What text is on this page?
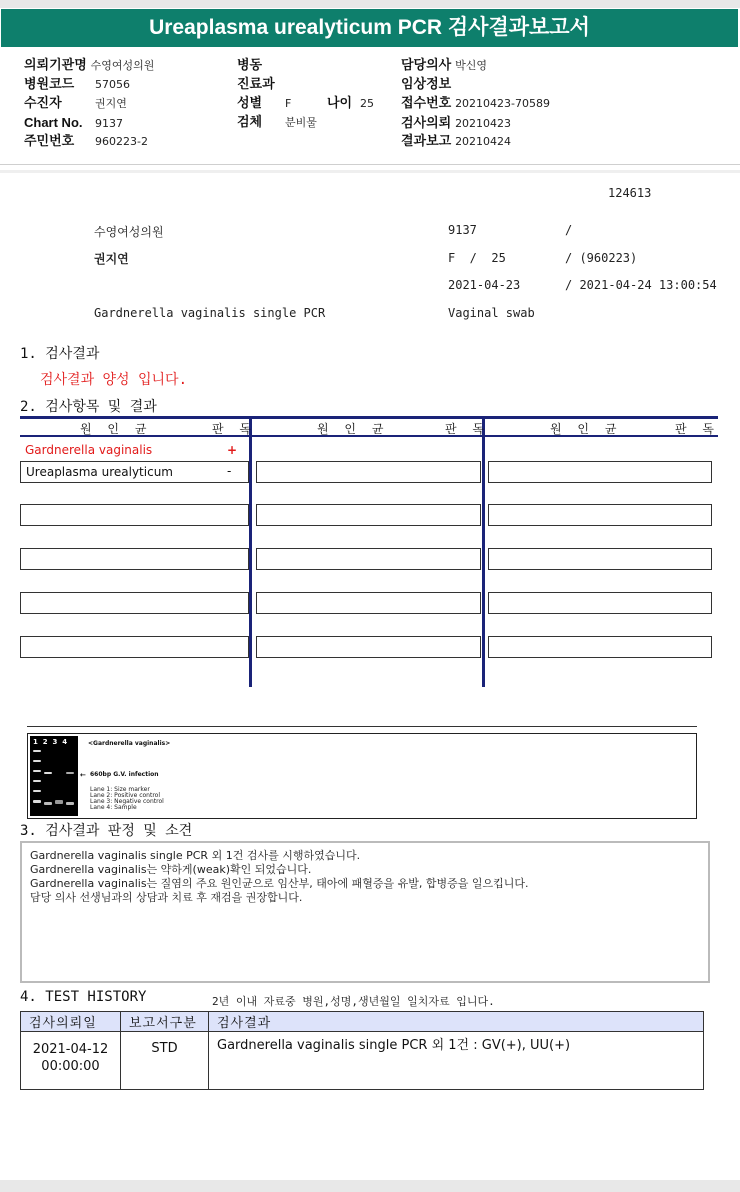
Ureaplasma urealyticum PCR 검사결과보고서
의뢰기관명 수영여성의원
병원코드 57056
수진자	권지연
Chart No. 9137
주민번호 960223-2
병동
진료과
성별 F	나이 25
검체 분비물
담당의사 박신영
임상정보
접수번호 20210423-70589
검사의뢰 20210423
결과보고 20210424
124613
수영여성의원	9137	/
권지연	F  /  25	/ (960223)
2021-04-23	/ 2021-04-24 13:00:54
Gardnerella vaginalis single PCR	Vaginal swab
1. 검사결과
검사결과 양성 입니다.
2. 검사항목 및 결과
원 인 균	판 독	원 인 균	판 독	원 인 균	판 독
Gardnerella vaginalis	+
Ureaplasma urealyticum	-
1  2  3  4	<Gardnerella vaginalis>
← 660bp G.V. infection
Lane 1: Size marker
Lane 2: Positive control
Lane 3: Negative control
Lane 4: Sample
3. 검사결과 판정 및 소견
Gardnerella vaginalis single PCR 외 1건 검사를 시행하였습니다.
Gardnerella vaginalis는 약하게(weak)확인 되었습니다.
Gardnerella vaginalis는 질염의 주요 원인균으로 임산부, 태아에 패혈증을 유발, 합병증을 일으킵니다.
담당 의사 선생님과의 상담과 치료 후 재검을 권장합니다.
4. TEST HISTORY	2년 이내 자료중 병원,성명,생년월일 일치자료 입니다.
검사의뢰일	보고서구분	검사결과

2021-04-12
00:00:00	STD	Gardnerella vaginalis single PCR 외 1건 : GV(+), UU(+)
